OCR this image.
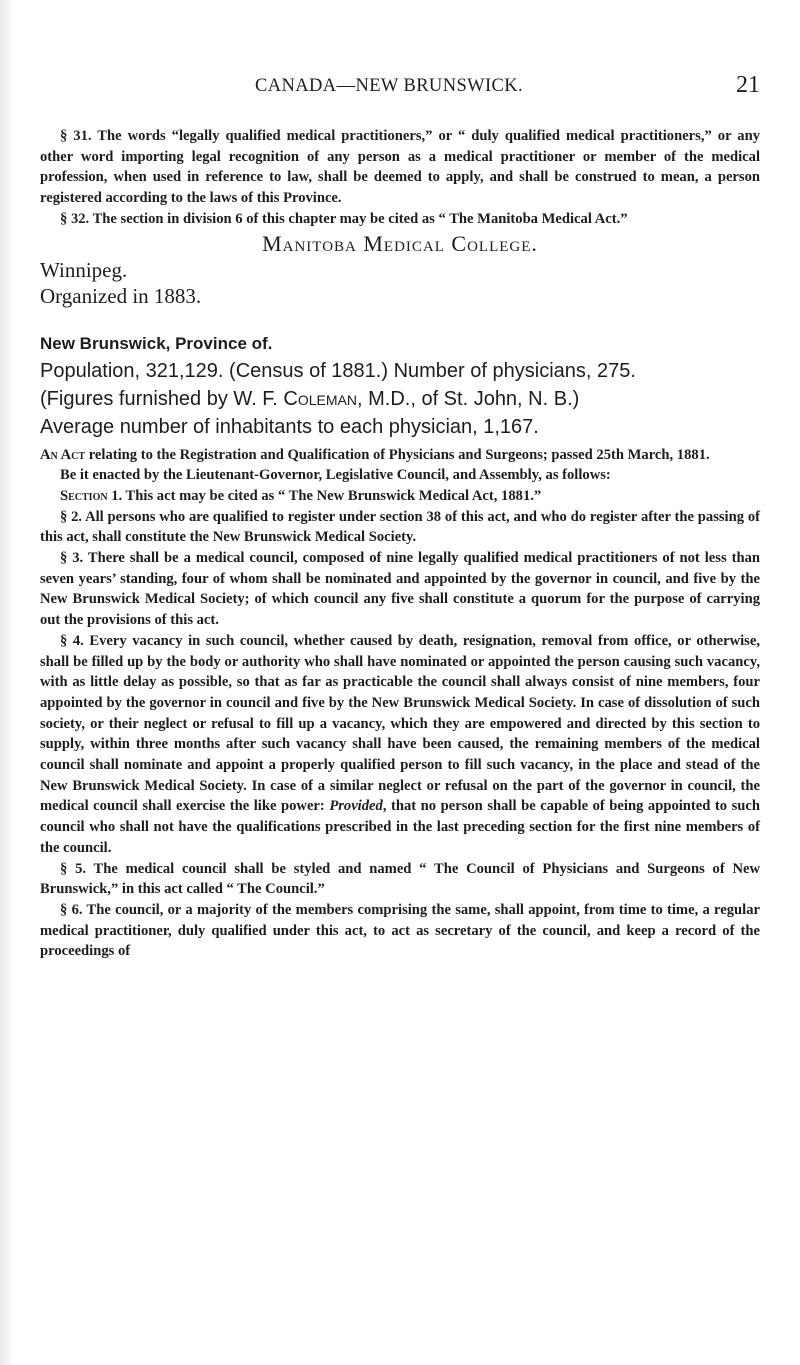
CANADA—NEW BRUNSWICK.	21

§ 31. The words “legally qualified medical practitioners,” or “ duly qualified medical practitioners,” or any other word importing legal recognition of any person as a medical practitioner or member of the medical profession, when used in reference to law, shall be deemed to apply, and shall be construed to mean, a person registered according to the laws of this Province.

§ 32. The section in division 6 of this chapter may be cited as “ The Manitoba Medical Act.”

Manitoba Medical College.

Winnipeg.

Organized in 1883.

New Brunswick, Province of.

Population, 321,129. (Census of 1881.) Number of physicians, 275.

(Figures furnished by W. F. Coleman, M.D., of St. John, N. B.)

Average number of inhabitants to each physician, 1,167.

An Act relating to the Registration and Qualification of Physicians and Surgeons; passed 25th March, 1881.

Be it enacted by the Lieutenant-Governor, Legislative Council, and Assembly, as follows:

Section 1. This act may be cited as “ The New Brunswick Medical Act, 1881.”

§ 2. All persons who are qualified to register under section 38 of this act, and who do register after the passing of this act, shall constitute the New Brunswick Medical Society.

§ 3. There shall be a medical council, composed of nine legally qualified medical practitioners of not less than seven years’ standing, four of whom shall be nominated and appointed by the governor in council, and five by the New Brunswick Medical Society; of which council any five shall constitute a quorum for the purpose of carrying out the provisions of this act.

§ 4. Every vacancy in such council, whether caused by death, resignation, removal from office, or otherwise, shall be filled up by the body or authority who shall have nominated or appointed the person causing such vacancy, with as little delay as possible, so that as far as practicable the council shall always consist of nine members, four appointed by the governor in council and five by the New Brunswick Medical Society. In case of dissolution of such society, or their neglect or refusal to fill up a vacancy, which they are empowered and directed by this section to supply, within three months after such vacancy shall have been caused, the remaining members of the medical council shall nominate and appoint a properly qualified person to fill such vacancy, in the place and stead of the New Brunswick Medical Society. In case of a similar neglect or refusal on the part of the governor in council, the medical council shall exercise the like power: Provided, that no person shall be capable of being appointed to such council who shall not have the qualifications prescribed in the last preceding section for the first nine members of the council.

§ 5. The medical council shall be styled and named “ The Council of Physicians and Surgeons of New Brunswick,” in this act called “ The Council.”

§ 6. The council, or a majority of the members comprising the same, shall appoint, from time to time, a regular medical practitioner, duly qualified under this act, to act as secretary of the council, and keep a record of the proceedings of
